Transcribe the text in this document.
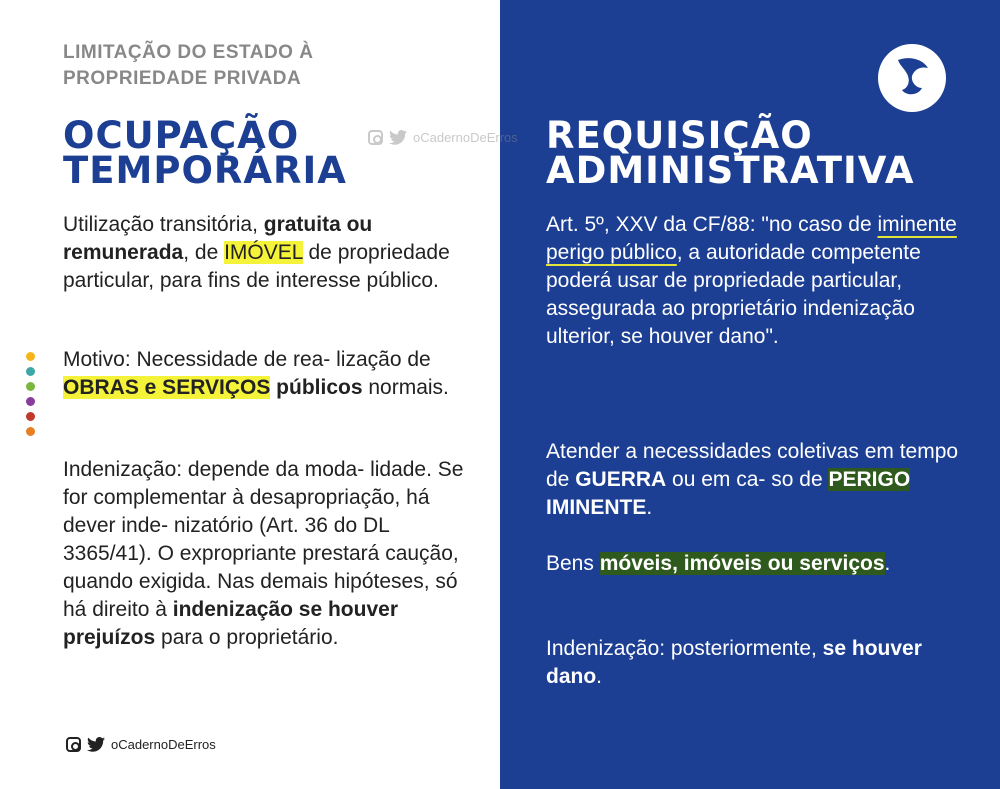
LIMITAÇÃO DO ESTADO À PROPRIEDADE PRIVADA
OCUPAÇÃO
TEMPORÁRIA
oCadernoDeErros

Utilização transitória, gratuita ou remunerada, de IMÓVEL de propriedade particular, para fins de interesse público.

Motivo: Necessidade de rea- lização de OBRAS e SERVIÇOS públicos normais.

Indenização: depende da moda- lidade. Se for complementar à desapropriação, há dever inde- nizatório (Art. 36 do DL 3365/41). O expropriante prestará caução, quando exigida. Nas demais hipóteses, só há direito à indenização se houver prejuízos para o proprietário.

oCadernoDeErros
REQUISIÇÃO
ADMINISTRATIVA

Art. 5º, XXV da CF/88: "no caso de iminente perigo público, a autoridade competente poderá usar de propriedade particular, assegurada ao proprietário indenização ulterior, se houver dano".

Atender a necessidades coletivas em tempo de GUERRA ou em ca- so de PERIGO IMINENTE.

Bens móveis, imóveis ou serviços.

Indenização: posteriormente, se houver dano.
